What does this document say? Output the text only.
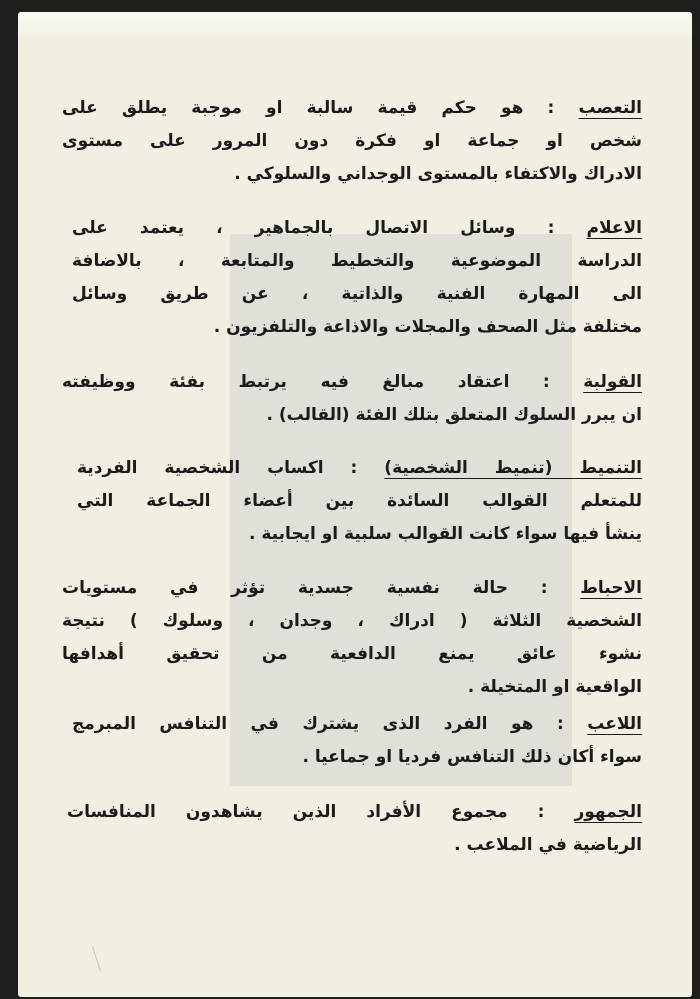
التعصب : هو حكم قيمة سالبة او موجبة يطلق على
شخص او جماعة او فكرة دون المرور على مستوى
الادراك والاكتفاء بالمستوى الوجداني والسلوكي .
الاعلام : وسائل الاتصال بالجماهير ، يعتمد على
الدراسة الموضوعية والتخطيط والمتابعة ، بالاضافة
الى المهارة الفنية والذاتية ، عن طريق وسائل
مختلفة مثل الصحف والمجلات والاذاعة والتلفزيون .
القولبة : اعتقاد مبالغ فيه يرتبط بفئة ووظيفته
ان يبرر السلوك المتعلق بتلك الفئة (القالب) .
التنميط (تنميط الشخصية) : اكساب الشخصية الفردية
للمتعلم القوالب السائدة بين أعضاء الجماعة التي
ينشأ فيها سواء كانت القوالب سلبية او ايجابية .
الاحباط : حالة نفسية جسدية تؤثر في مستويات
الشخصية الثلاثة ( ادراك ، وجدان ، وسلوك ) نتيجة
نشوء عائق يمنع الدافعية من تحقيق أهدافها
الواقعية او المتخيلة .
اللاعب : هو الفرد الذى يشترك في التنافس المبرمج
سواء أكان ذلك التنافس فرديا او جماعيا .
الجمهور : مجموع الأفراد الذين يشاهدون المنافسات
الرياضية في الملاعب .
